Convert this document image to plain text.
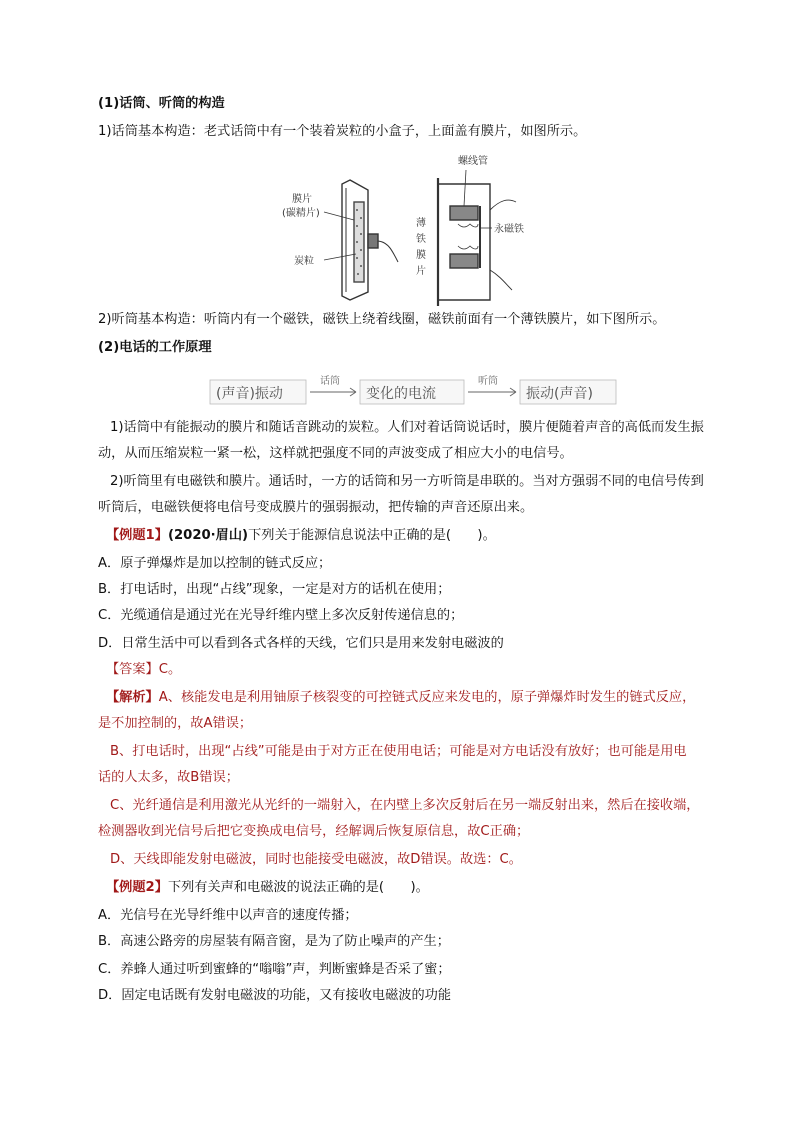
(1)话筒、听筒的构造
1)话筒基本构造：老式话筒中有一个装着炭粒的小盒子，上面盖有膜片，如图所示。
膜片
(碳精片)
炭粒
螺线管
永磁铁
薄
铁
膜
片
2)听筒基本构造：听筒内有一个磁铁，磁铁上绕着线圈，磁铁前面有一个薄铁膜片，如下图所示。
(2)电话的工作原理
(声音)振动
话筒
变化的电流
听筒
振动(声音)
1)话筒中有能振动的膜片和随话音跳动的炭粒。人们对着话筒说话时，膜片便随着声音的高低而发生振
动，从而压缩炭粒一紧一松，这样就把强度不同的声波变成了相应大小的电信号。
2)听筒里有电磁铁和膜片。通话时，一方的话筒和另一方听筒是串联的。当对方强弱不同的电信号传到
听筒后，电磁铁便将电信号变成膜片的强弱振动，把传输的声音还原出来。
【例题1】(2020·眉山)下列关于能源信息说法中正确的是(　　)。
A．原子弹爆炸是加以控制的链式反应；
B．打电话时，出现“占线”现象，一定是对方的话机在使用；
C．光缆通信是通过光在光导纤维内壁上多次反射传递信息的；
D．日常生活中可以看到各式各样的天线，它们只是用来发射电磁波的
【答案】C。
【解析】A、核能发电是利用铀原子核裂变的可控链式反应来发电的，原子弹爆炸时发生的链式反应，
是不加控制的，故A错误；
B、打电话时，出现“占线”可能是由于对方正在使用电话；可能是对方电话没有放好；也可能是用电
话的人太多，故B错误；
C、光纤通信是利用激光从光纤的一端射入，在内壁上多次反射后在另一端反射出来，然后在接收端，
检测器收到光信号后把它变换成电信号，经解调后恢复原信息，故C正确；
D、天线即能发射电磁波，同时也能接受电磁波，故D错误。故选：C。
【例题2】下列有关声和电磁波的说法正确的是(　　)。
A．光信号在光导纤维中以声音的速度传播；
B．高速公路旁的房屋装有隔音窗，是为了防止噪声的产生；
C．养蜂人通过听到蜜蜂的“嗡嗡”声，判断蜜蜂是否采了蜜；
D．固定电话既有发射电磁波的功能，又有接收电磁波的功能
